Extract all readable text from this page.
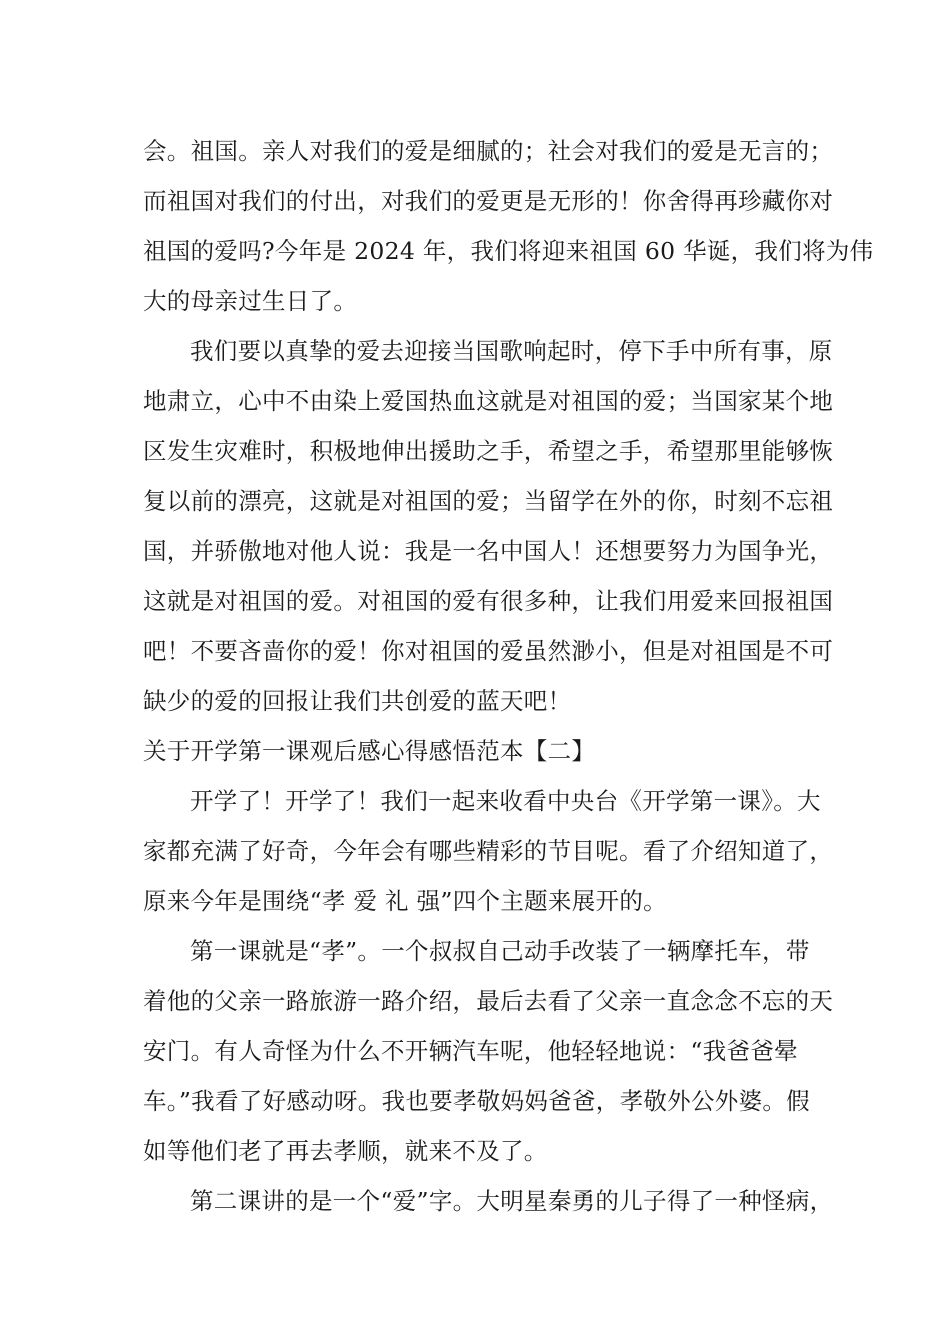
会。祖国。亲人对我们的爱是细腻的；社会对我们的爱是无言的；
而祖国对我们的付出，对我们的爱更是无形的！你舍得再珍藏你对
祖国的爱吗?今年是 2024 年，我们将迎来祖国 60 华诞，我们将为伟
大的母亲过生日了。
我们要以真挚的爱去迎接当国歌响起时，停下手中所有事，原
地肃立，心中不由染上爱国热血这就是对祖国的爱；当国家某个地
区发生灾难时，积极地伸出援助之手，希望之手，希望那里能够恢
复以前的漂亮，这就是对祖国的爱；当留学在外的你，时刻不忘祖
国，并骄傲地对他人说：我是一名中国人！还想要努力为国争光，
这就是对祖国的爱。对祖国的爱有很多种，让我们用爱来回报祖国
吧！不要吝啬你的爱！你对祖国的爱虽然渺小，但是对祖国是不可
缺少的爱的回报让我们共创爱的蓝天吧！
关于开学第一课观后感心得感悟范本【二】
开学了！开学了！我们一起来收看中央台《开学第一课》。大
家都充满了好奇，今年会有哪些精彩的节目呢。看了介绍知道了，
原来今年是围绕“孝 爱 礼 强”四个主题来展开的。
第一课就是“孝”。一个叔叔自己动手改装了一辆摩托车，带
着他的父亲一路旅游一路介绍，最后去看了父亲一直念念不忘的天
安门。有人奇怪为什么不开辆汽车呢，他轻轻地说：“我爸爸晕
车。”我看了好感动呀。我也要孝敬妈妈爸爸，孝敬外公外婆。假
如等他们老了再去孝顺，就来不及了。
第二课讲的是一个“爱”字。大明星秦勇的儿子得了一种怪病，
